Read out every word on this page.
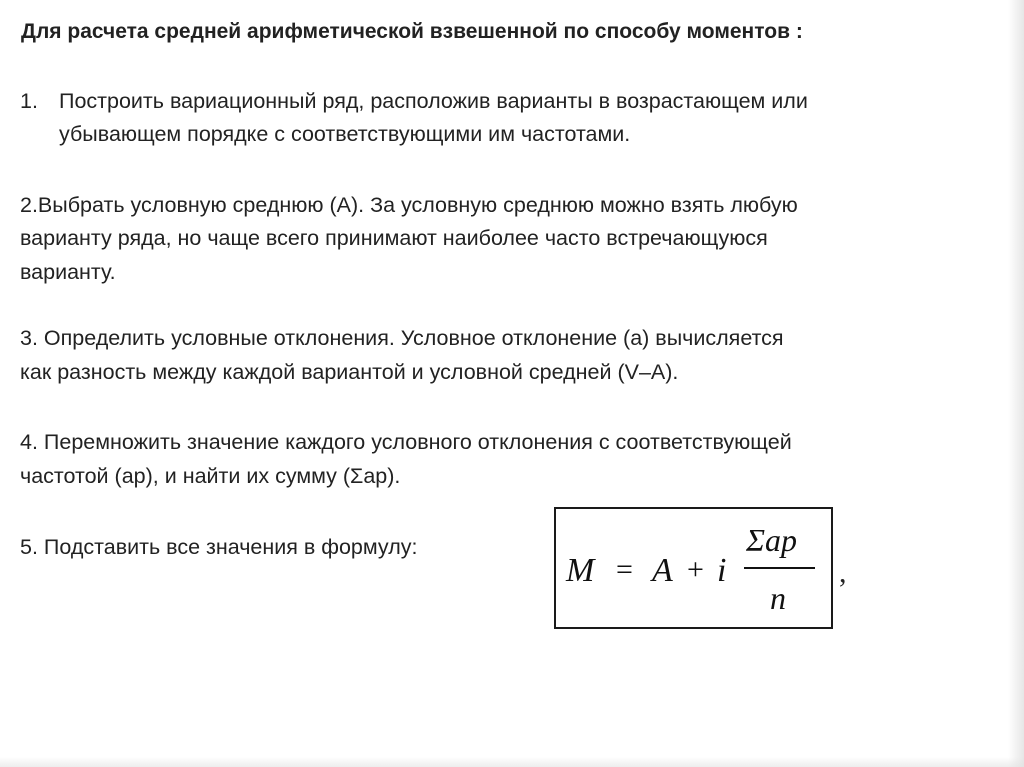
Для расчета средней арифметической взвешенной по способу моментов :
1. Построить вариационный ряд, расположив варианты в возрастающем или
убывающем порядке с соответствующими им частотами.
2.Выбрать условную среднюю (А). За условную среднюю можно взять любую
варианту ряда, но чаще всего принимают наиболее часто встречающуюся
варианту.
3. Определить условные отклонения. Условное отклонение (а) вычисляется
как разность между каждой вариантой и условной средней (V–A).
4. Перемножить значение каждого условного отклонения с соответствующей
частотой (ар), и найти их сумму (Σар).
5. Подставить все значения в формулу:
M = A + i
Σap
n
,
